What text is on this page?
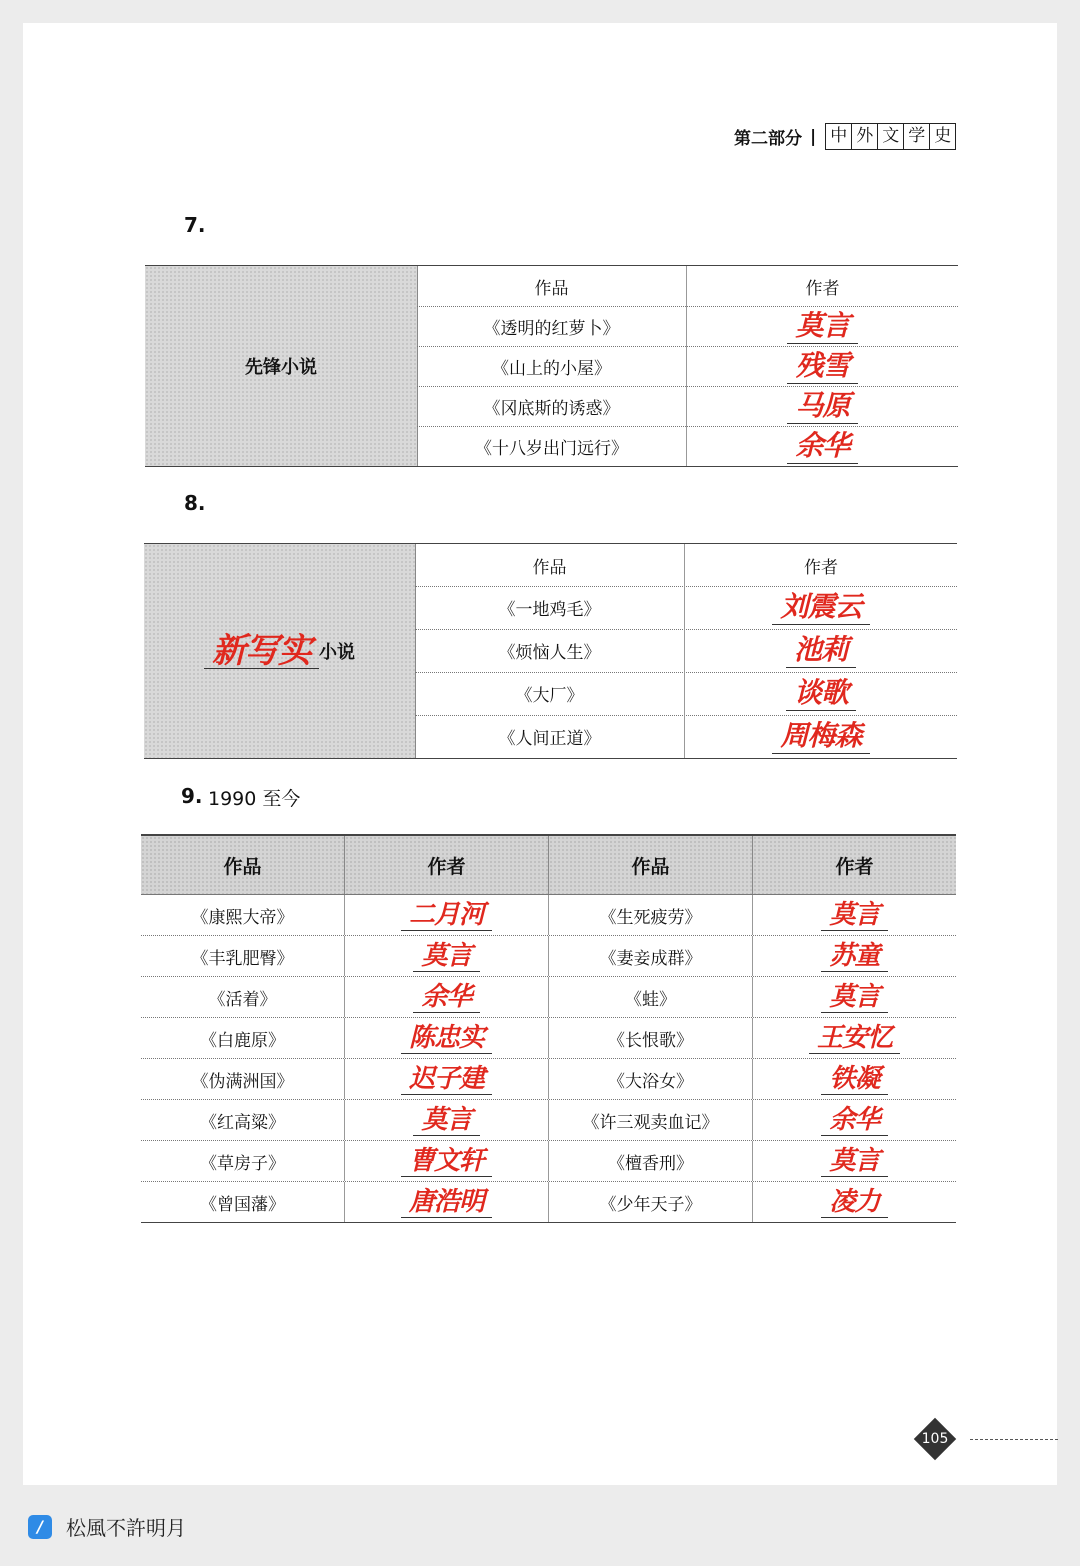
第二部分 | 中 外 文 学 史
7.
先锋小说
作品	作者
《透明的红萝卜》	莫言
《山上的小屋》	残雪
《冈底斯的诱惑》	马原
《十八岁出门远行》	余华
8.
新写实 小说
作品	作者
《一地鸡毛》	刘震云
《烦恼人生》	池莉
《大厂》	谈歌
《人间正道》	周梅森
9. 1990 至今
作品	作者	作品	作者
《康熙大帝》	二月河	《生死疲劳》	莫言
《丰乳肥臀》	莫言	《妻妾成群》	苏童
《活着》	余华	《蛙》	莫言
《白鹿原》	陈忠实	《长恨歌》	王安忆
《伪满洲国》	迟子建	《大浴女》	铁凝
《红高粱》	莫言	《许三观卖血记》	余华
《草房子》	曹文轩	《檀香刑》	莫言
《曾国藩》	唐浩明	《少年天子》	凌力
105
/	松風不許明月
